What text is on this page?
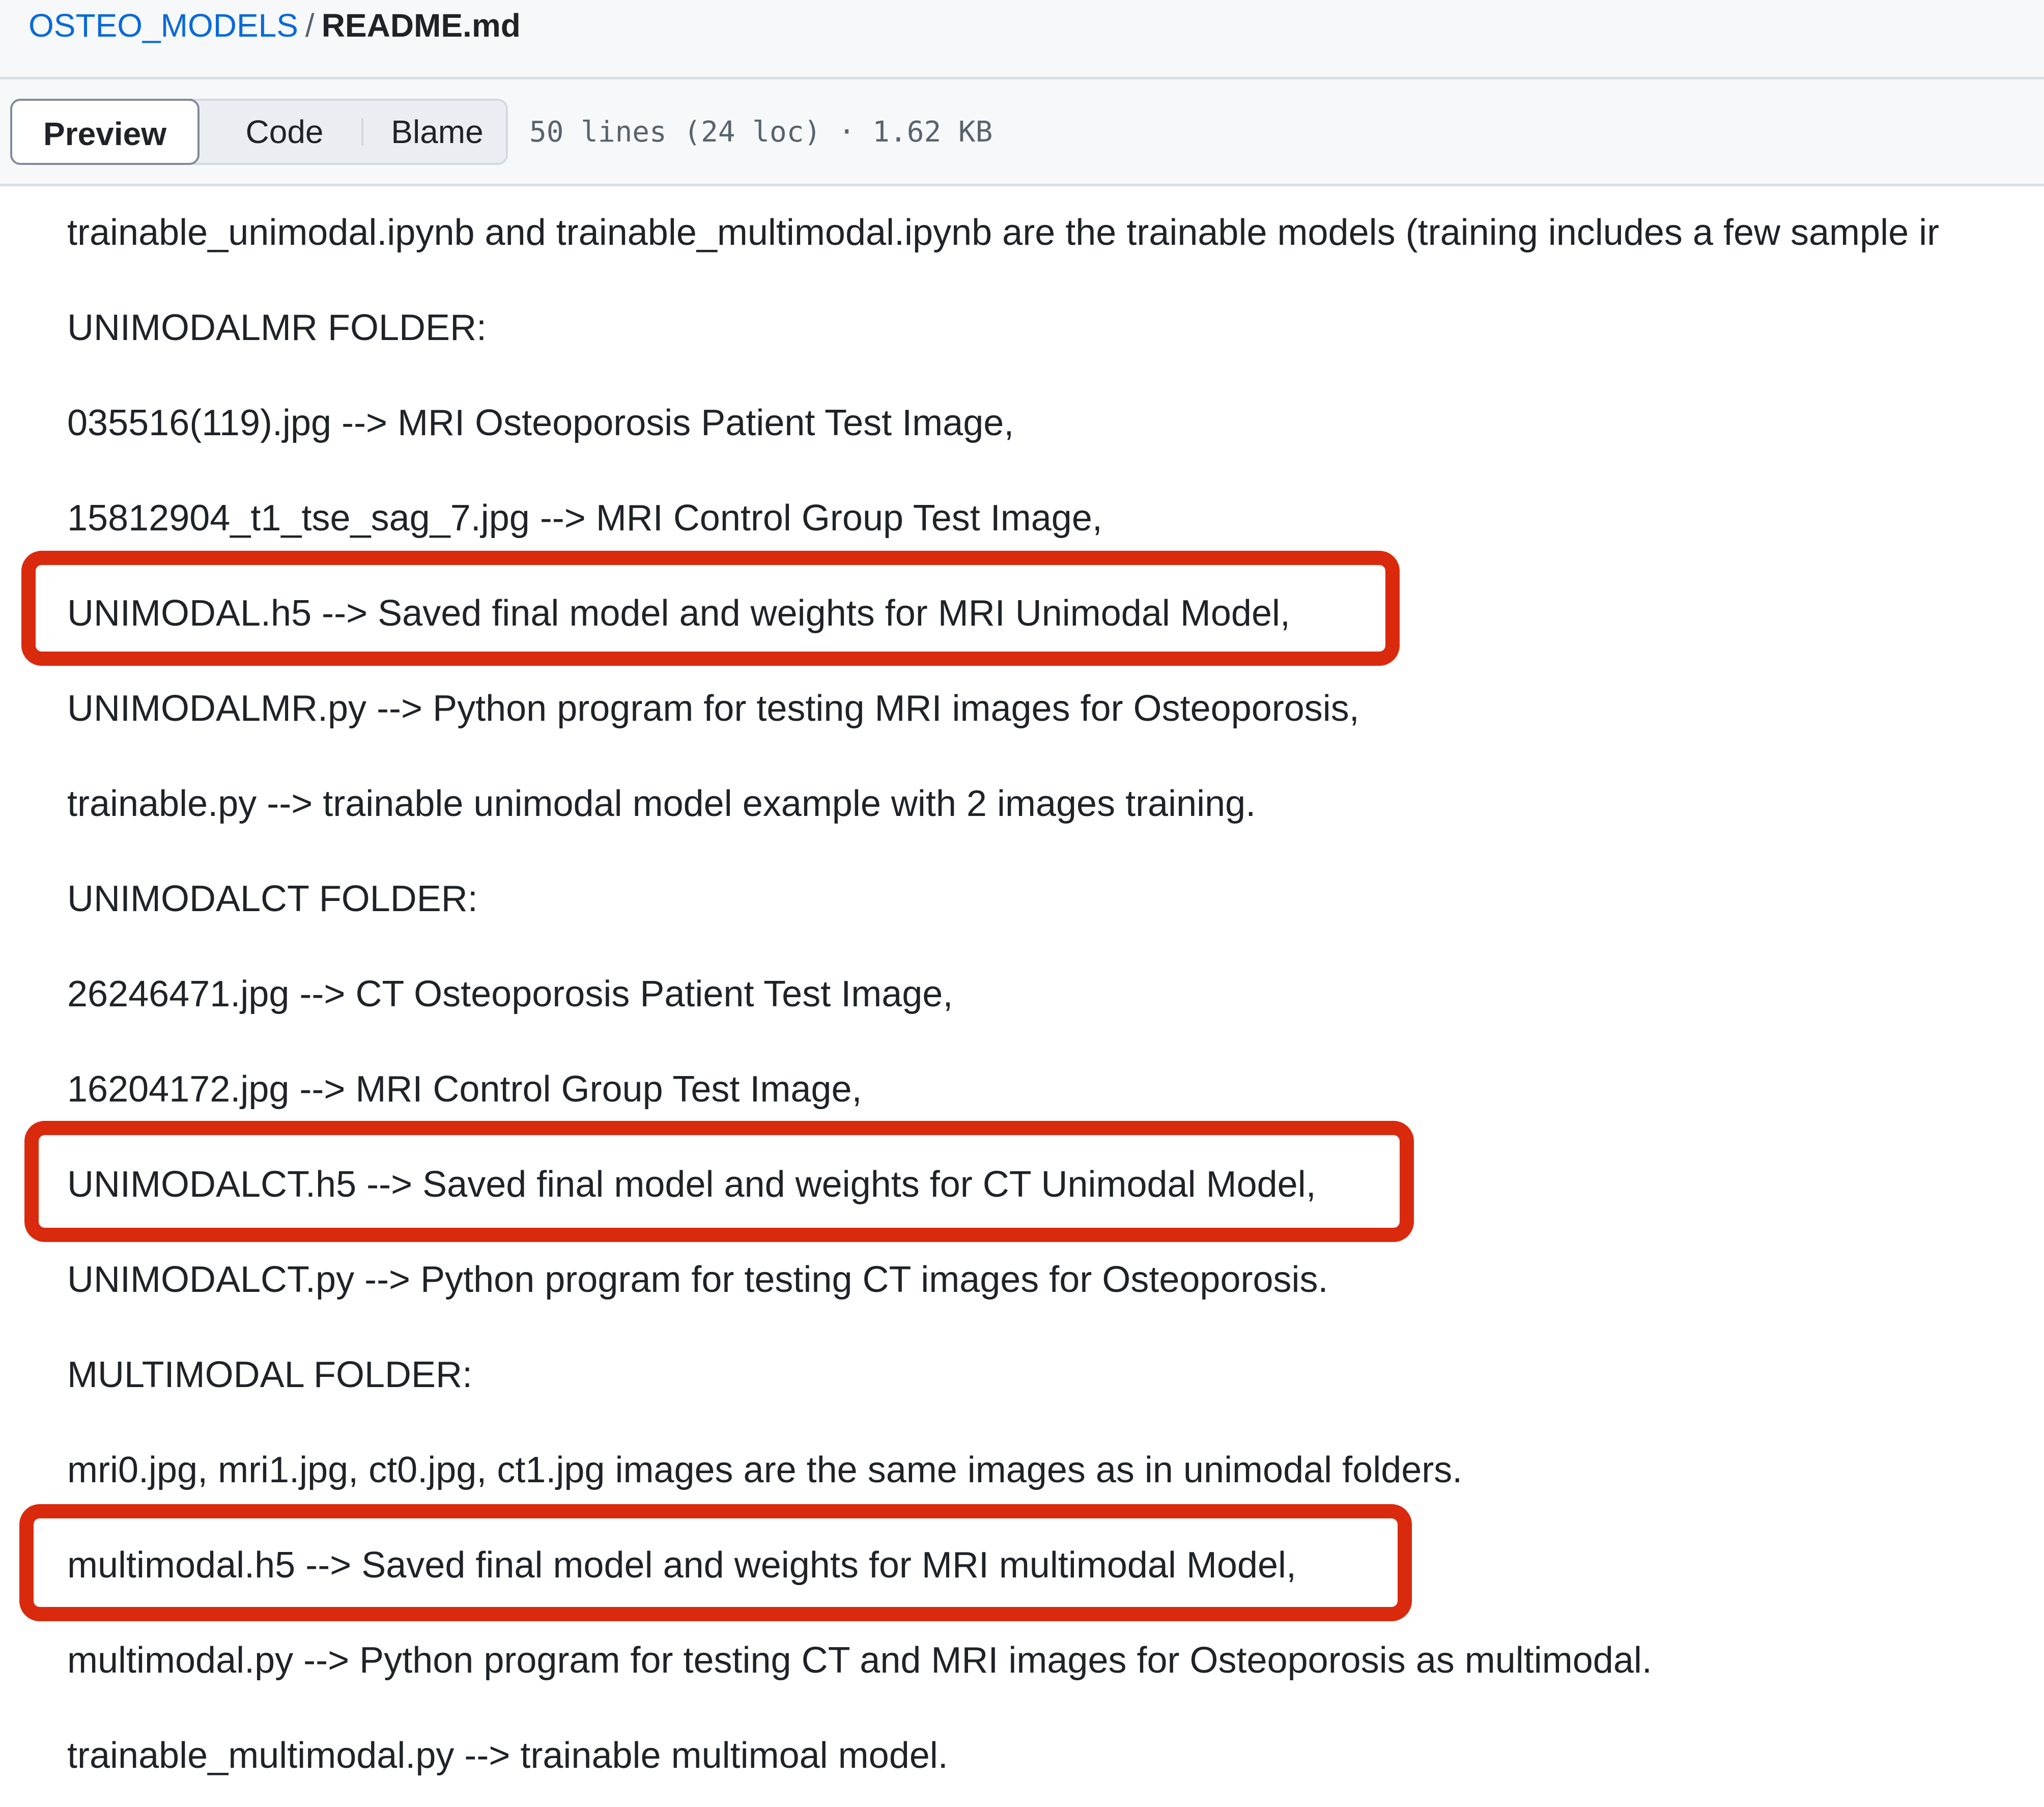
OSTEO_MODELS / README.md
Code	Blame
Preview	50 lines (24 loc) · 1.62 KB
trainable_unimodal.ipynb and trainable_multimodal.ipynb are the trainable models (training includes a few sample ir
UNIMODALMR FOLDER:
035516(119).jpg --> MRI Osteoporosis Patient Test Image,
15812904_t1_tse_sag_7.jpg --> MRI Control Group Test Image,
UNIMODAL.h5 --> Saved final model and weights for MRI Unimodal Model,
UNIMODALMR.py --> Python program for testing MRI images for Osteoporosis,
trainable.py --> trainable unimodal model example with 2 images training.
UNIMODALCT FOLDER:
26246471.jpg --> CT Osteoporosis Patient Test Image,
16204172.jpg --> MRI Control Group Test Image,
UNIMODALCT.h5 --> Saved final model and weights for CT Unimodal Model,
UNIMODALCT.py --> Python program for testing CT images for Osteoporosis.
MULTIMODAL FOLDER:
mri0.jpg, mri1.jpg, ct0.jpg, ct1.jpg images are the same images as in unimodal folders.
multimodal.h5 --> Saved final model and weights for MRI multimodal Model,
multimodal.py --> Python program for testing CT and MRI images for Osteoporosis as multimodal.
trainable_multimodal.py --> trainable multimoal model.
